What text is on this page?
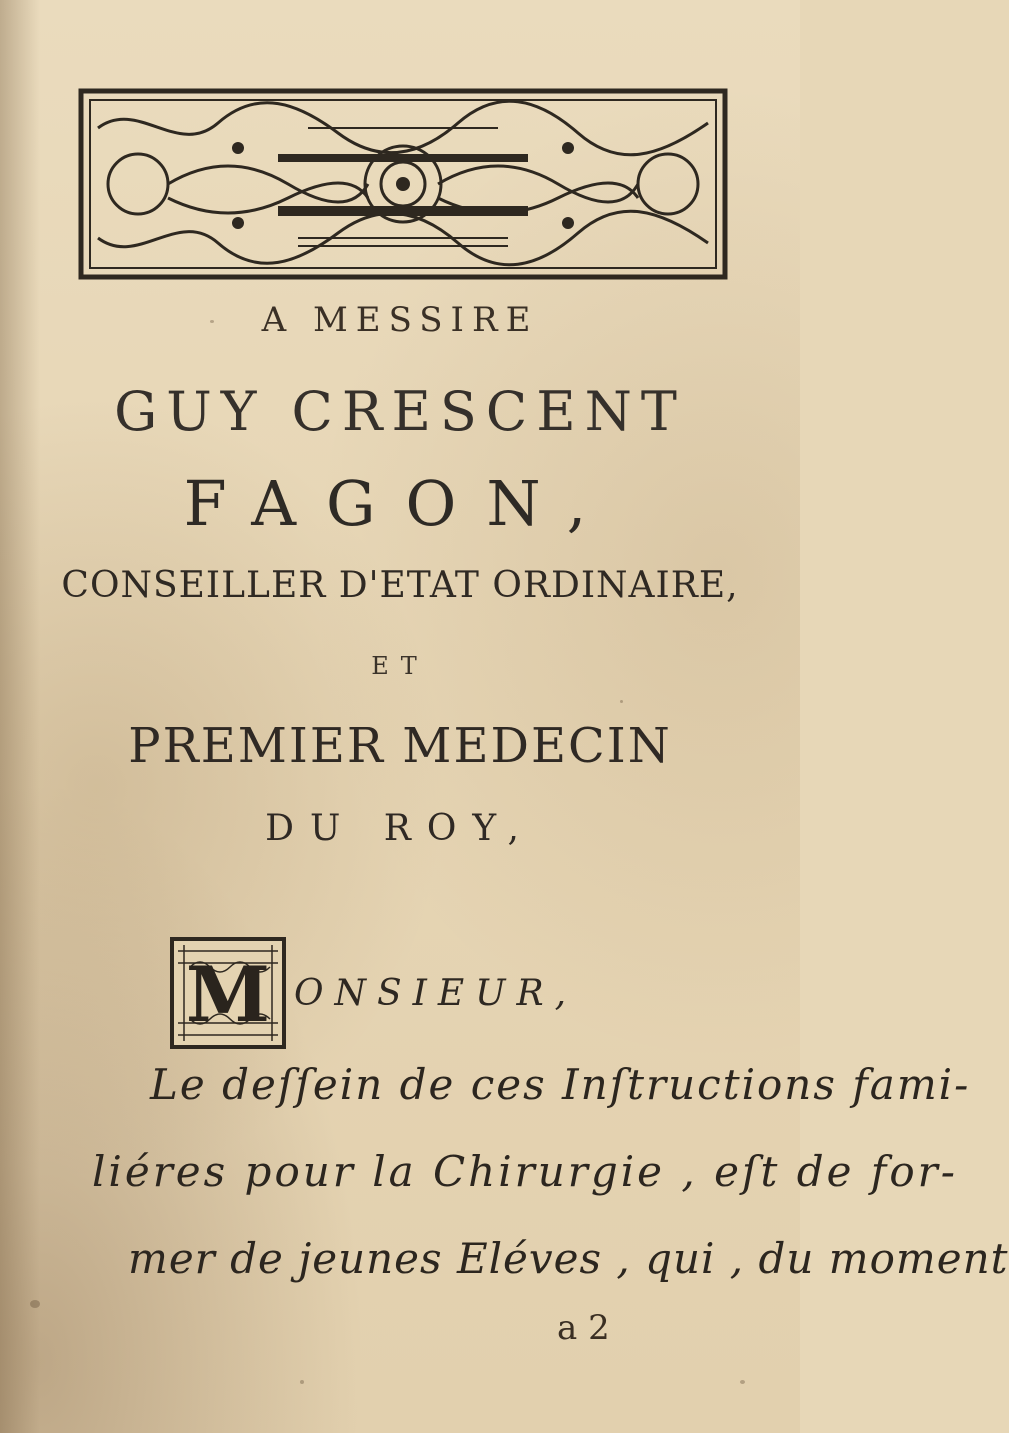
A MESSIRE
GUY CRESCENT
FAGON,
CONSEILLER D'ETAT ORDINAIRE,
ET
PREMIER MEDECIN
DU ROY,
M ONSIEUR,
Le deſſein de ces Inſtructions fami-
liéres pour la Chirurgie , eſt de for-
mer de jeunes Eléves , qui , du moment
a 2
